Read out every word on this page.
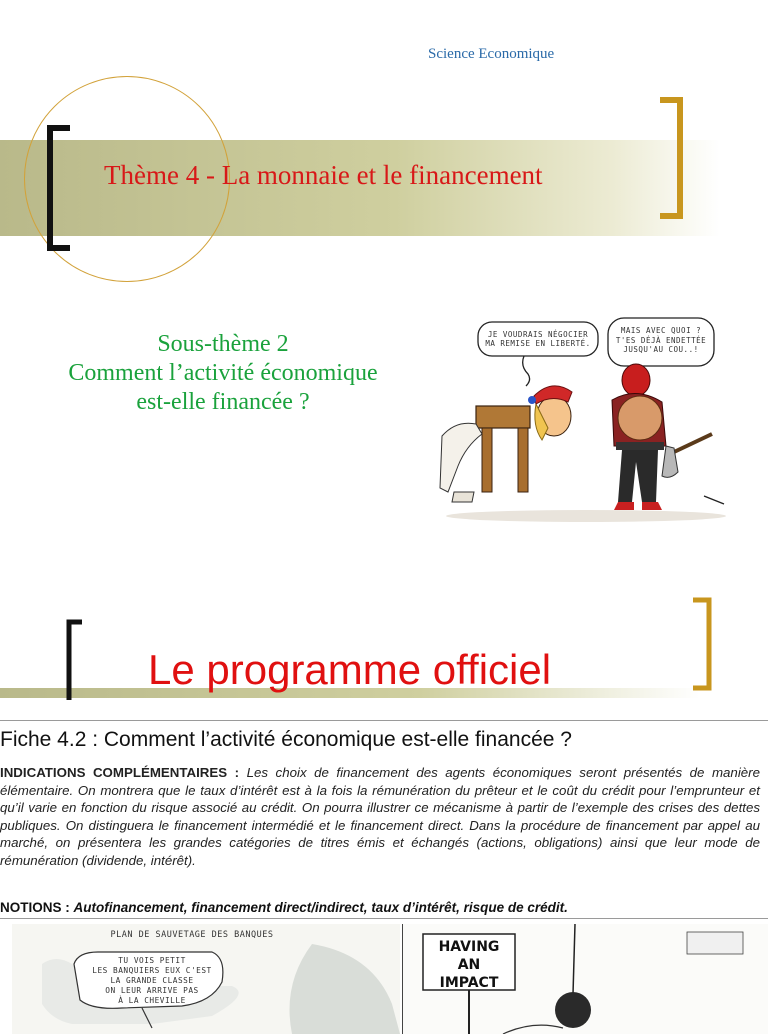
Science Economique
Thème 4 - La monnaie et le financement
Sous-thème 2
Comment l’activité économique
est-elle financée ?
JE VOUDRAIS NÉGOCIER
MA REMISE EN LIBERTÉ.
MAIS AVEC QUOI ?
T'ES DÉJÀ ENDETTÉE
JUSQU'AU COU..!
Le programme officiel
Fiche 4.2 : Comment l’activité économique est-elle financée ?
INDICATIONS COMPLÉMENTAIRES : Les choix de financement des agents économiques seront présentés de manière élémentaire. On montrera que le taux d’intérêt est à la fois la rémunération du prêteur et le coût du crédit pour l’emprunteur et qu’il varie en fonction du risque associé au crédit. On pourra illustrer ce mécanisme à partir de l’exemple des crises des dettes publiques. On distinguera le financement intermédié et le financement direct. Dans la procédure de financement par appel au marché, on présentera les grandes catégories de titres émis et échangés (actions, obligations) ainsi que leur mode de rémunération (dividende, intérêt).
NOTIONS : Autofinancement, financement direct/indirect, taux d’intérêt, risque de crédit.
PLAN DE SAUVETAGE DES BANQUES
TU VOIS PETIT
LES BANQUIERS EUX C'EST
LA GRANDE CLASSE
ON LEUR ARRIVE PAS
À LA CHEVILLE
HAVING AN
IMPACT
